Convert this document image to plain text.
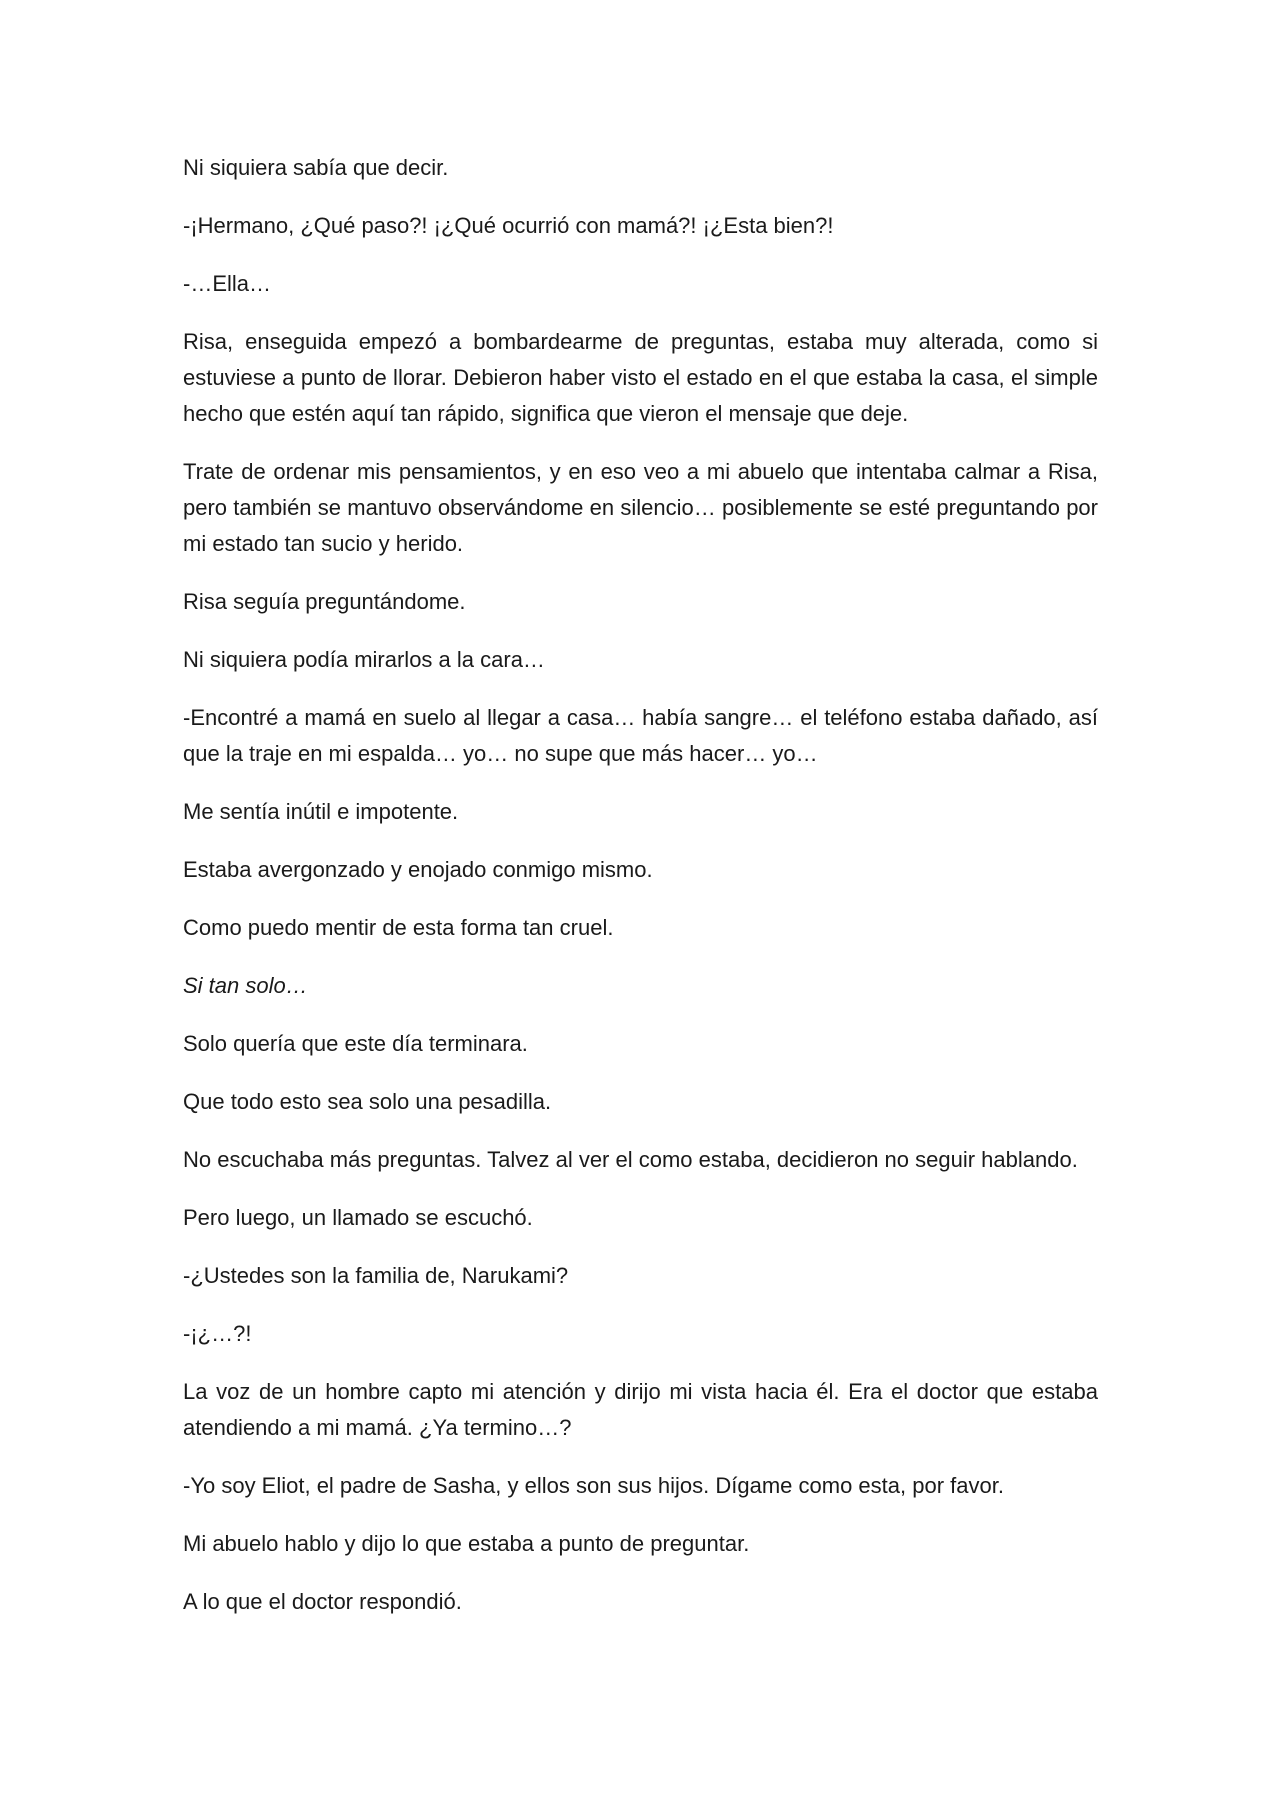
Ni siquiera sabía que decir.

-¡Hermano, ¿Qué paso?! ¡¿Qué ocurrió con mamá?! ¡¿Esta bien?!

-…Ella…

Risa, enseguida empezó a bombardearme de preguntas, estaba muy alterada, como si estuviese a punto de llorar. Debieron haber visto el estado en el que estaba la casa, el simple hecho que estén aquí tan rápido, significa que vieron el mensaje que deje.

Trate de ordenar mis pensamientos, y en eso veo a mi abuelo que intentaba calmar a Risa, pero también se mantuvo observándome en silencio… posiblemente se esté preguntando por mi estado tan sucio y herido.

Risa seguía preguntándome.

Ni siquiera podía mirarlos a la cara…

-Encontré a mamá en suelo al llegar a casa… había sangre… el teléfono estaba dañado, así que la traje en mi espalda… yo… no supe que más hacer… yo…

Me sentía inútil e impotente.

Estaba avergonzado y enojado conmigo mismo.

Como puedo mentir de esta forma tan cruel.

Si tan solo…

Solo quería que este día terminara.

Que todo esto sea solo una pesadilla.

No escuchaba más preguntas. Talvez al ver el como estaba, decidieron no seguir hablando.

Pero luego, un llamado se escuchó.

-¿Ustedes son la familia de, Narukami?

-¡¿…?!

La voz de un hombre capto mi atención y dirijo mi vista hacia él. Era el doctor que estaba atendiendo a mi mamá. ¿Ya termino…?

-Yo soy Eliot, el padre de Sasha, y ellos son sus hijos. Dígame como esta, por favor.

Mi abuelo hablo y dijo lo que estaba a punto de preguntar.

A lo que el doctor respondió.
